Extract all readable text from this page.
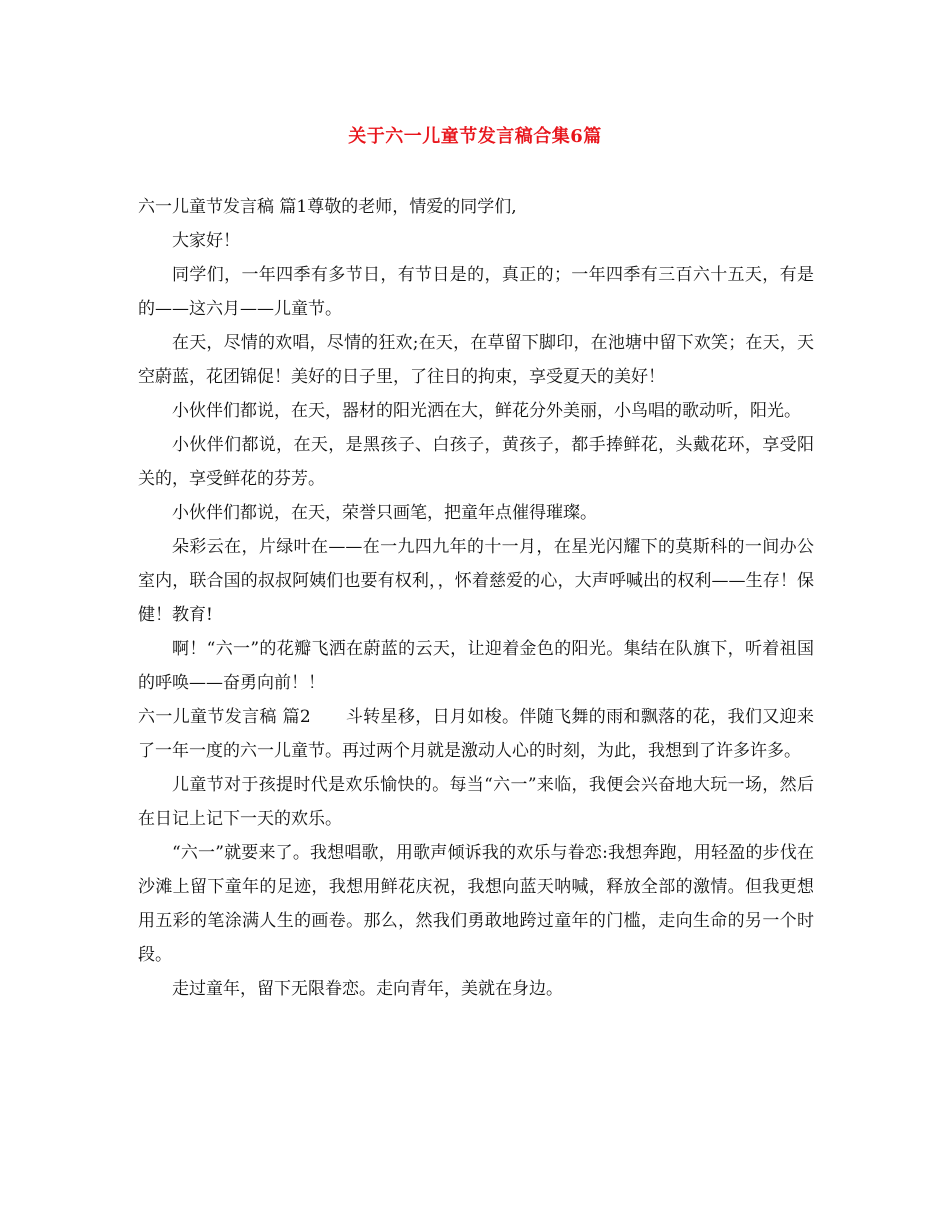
关于六一儿童节发言稿合集6篇

六一儿童节发言稿 篇1尊敬的老师，情爱的同学们,

大家好！

同学们，一年四季有多节日，有节日是的，真正的；一年四季有三百六十五天，有是的——这六月——儿童节。

在天，尽情的欢唱，尽情的狂欢;在天，在草留下脚印，在池塘中留下欢笑；在天，天空蔚蓝，花团锦促！美好的日子里，了往日的拘束，享受夏天的美好！

小伙伴们都说，在天，器材的阳光洒在大，鲜花分外美丽，小鸟唱的歌动听，阳光。

小伙伴们都说，在天，是黑孩子、白孩子，黄孩子，都手捧鲜花，头戴花环，享受阳关的，享受鲜花的芬芳。

小伙伴们都说，在天，荣誉只画笔，把童年点催得璀璨。

朵彩云在，片绿叶在——在一九四九年的十一月，在星光闪耀下的莫斯科的一间办公室内，联合国的叔叔阿姨们也要有权利，，怀着慈爱的心，大声呼喊出的权利——生存！保健！教育!

啊！“六一”的花瓣飞洒在蔚蓝的云天，让迎着金色的阳光。集结在队旗下，听着祖国的呼唤——奋勇向前！！

六一儿童节发言稿 篇2　　斗转星移，日月如梭。伴随飞舞的雨和飘落的花，我们又迎来了一年一度的六一儿童节。再过两个月就是激动人心的时刻，为此，我想到了许多许多。

儿童节对于孩提时代是欢乐愉快的。每当“六一”来临，我便会兴奋地大玩一场，然后在日记上记下一天的欢乐。

“六一”就要来了。我想唱歌，用歌声倾诉我的欢乐与眷恋:我想奔跑，用轻盈的步伐在沙滩上留下童年的足迹，我想用鲜花庆祝，我想向蓝天呐喊，释放全部的激情。但我更想用五彩的笔涂满人生的画卷。那么，然我们勇敢地跨过童年的门槛，走向生命的另一个时段。

走过童年，留下无限眷恋。走向青年，美就在身边。
